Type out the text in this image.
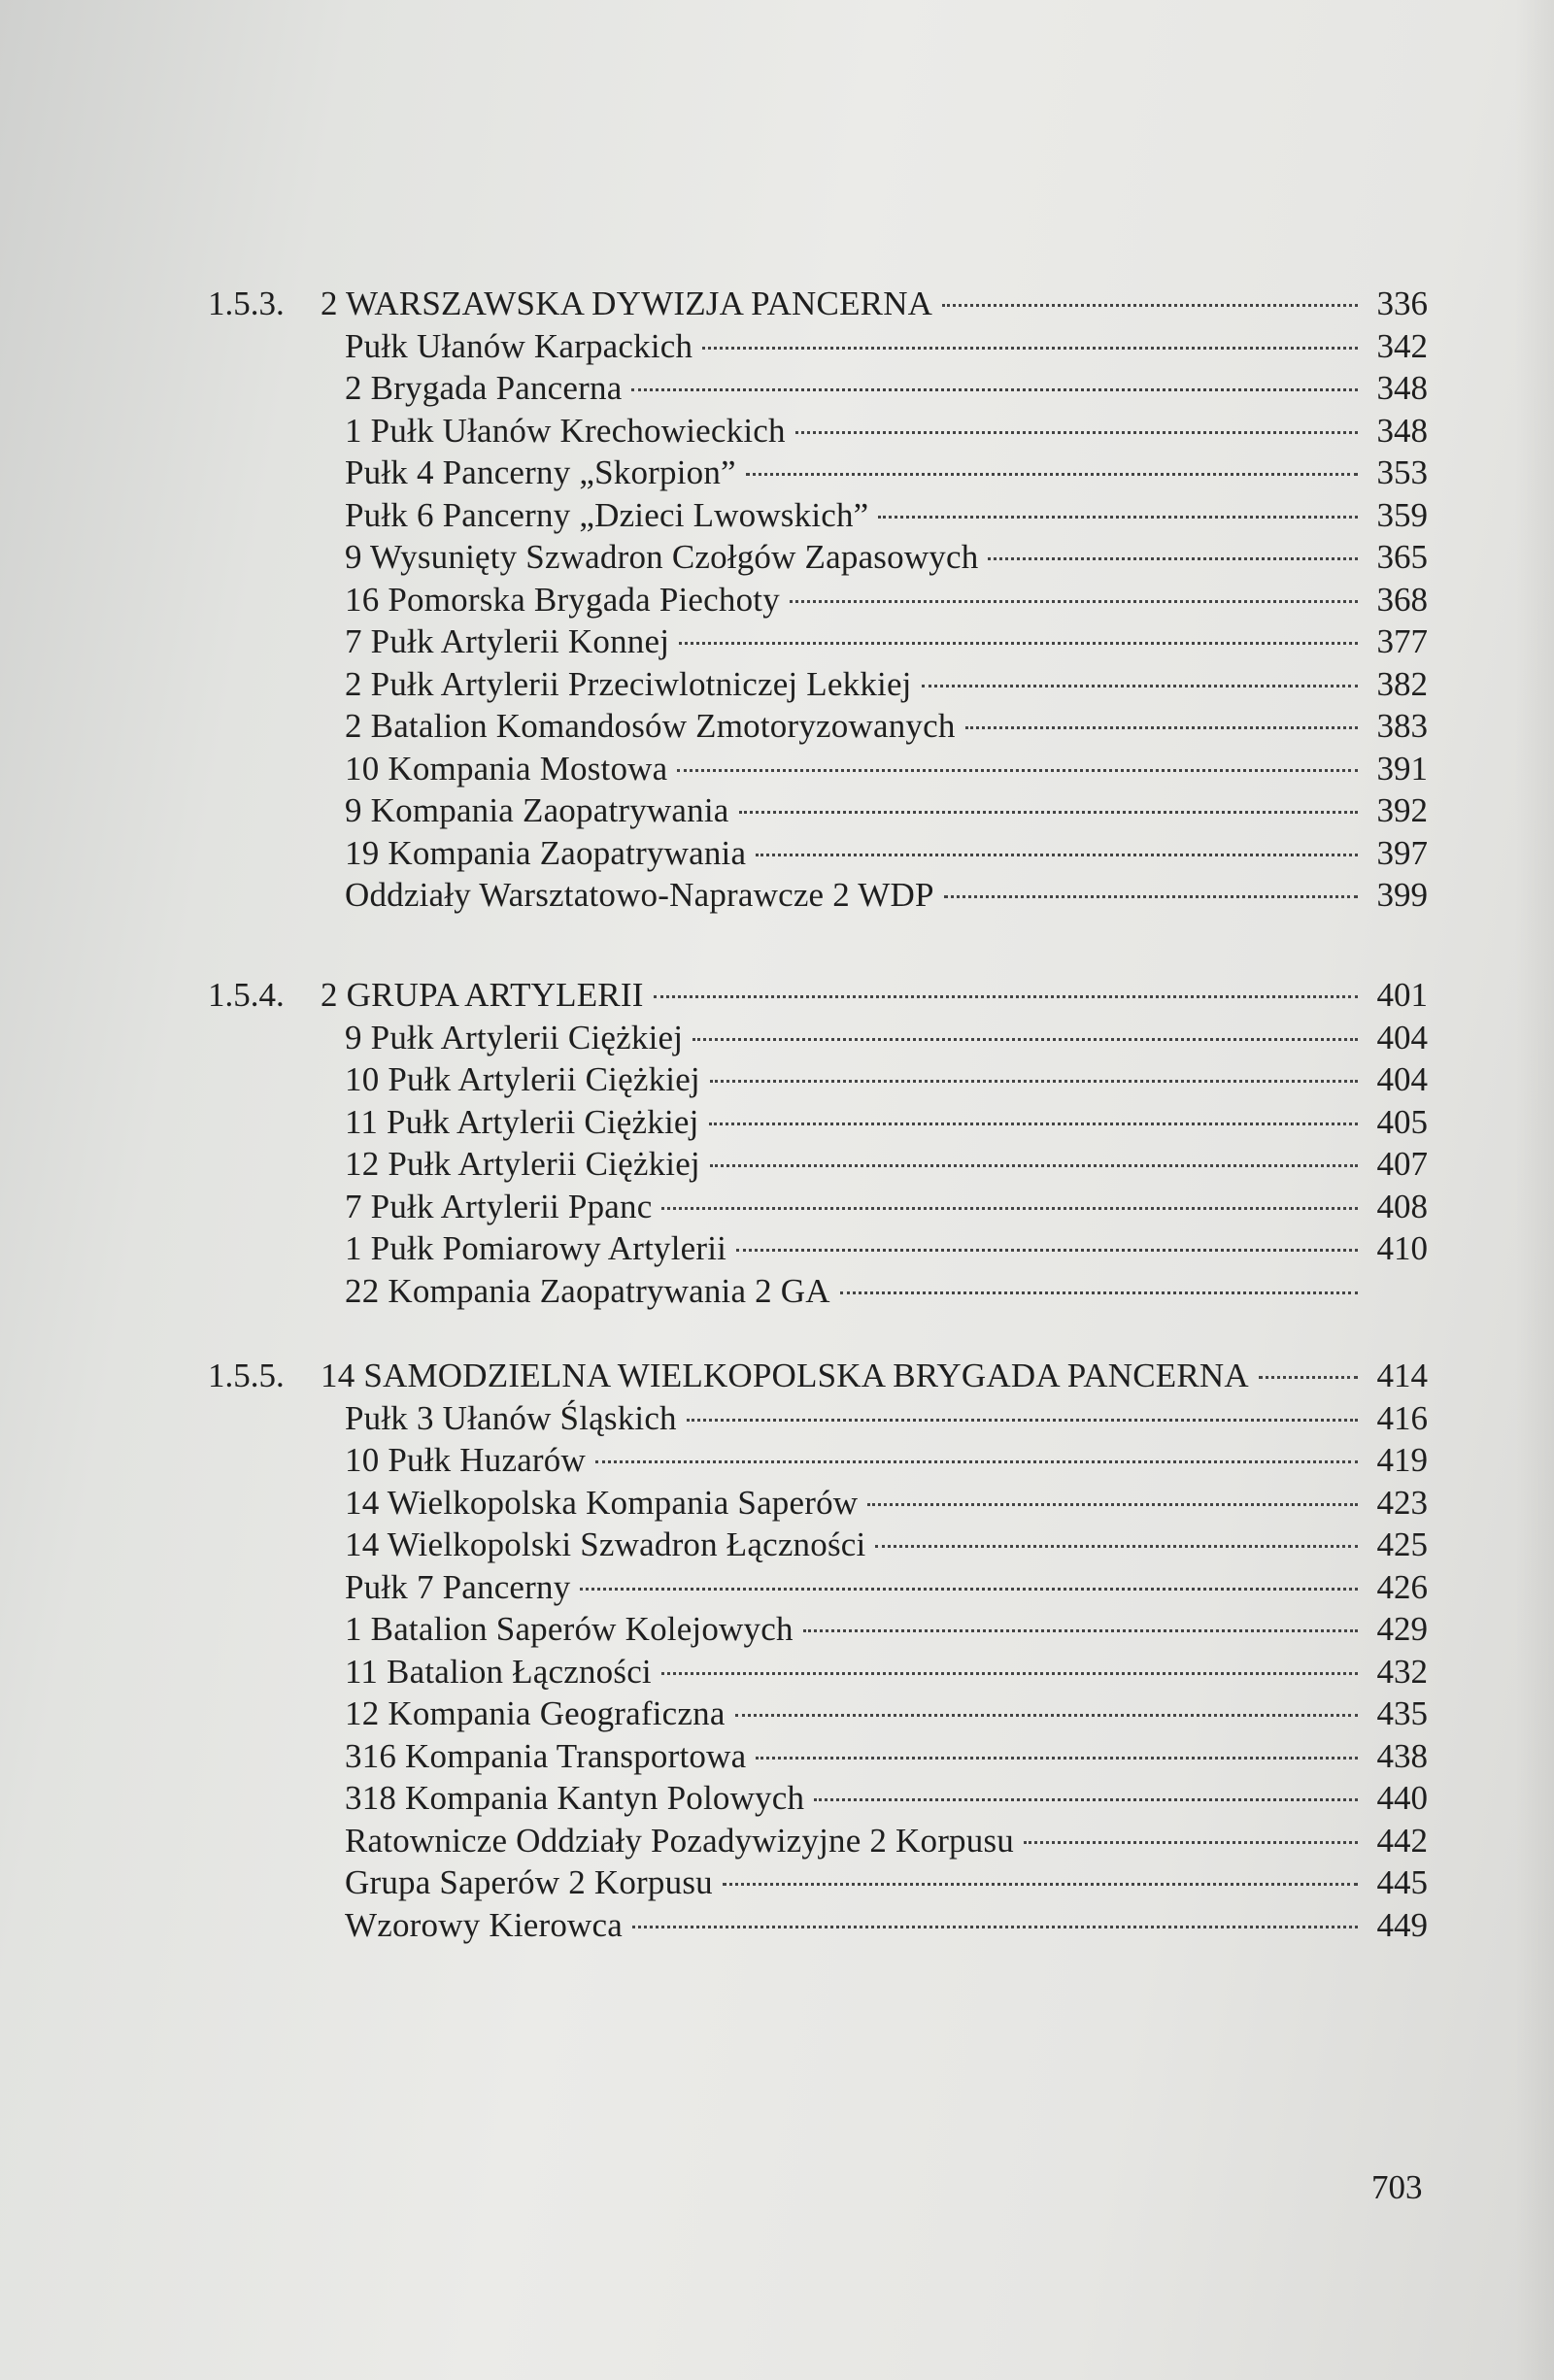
1.5.3.	2 WARSZAWSKA DYWIZJA PANCERNA	336
Pułk Ułanów Karpackich	342
2 Brygada Pancerna	348
1 Pułk Ułanów Krechowieckich	348
Pułk 4 Pancerny „Skorpion”	353
Pułk 6 Pancerny „Dzieci Lwowskich”	359
9 Wysunięty Szwadron Czołgów Zapasowych	365
16 Pomorska Brygada Piechoty	368
7 Pułk Artylerii Konnej	377
2 Pułk Artylerii Przeciwlotniczej Lekkiej	382
2 Batalion Komandosów Zmotoryzowanych	383
10 Kompania Mostowa	391
9 Kompania Zaopatrywania	392
19 Kompania Zaopatrywania	397
Oddziały Warsztatowo-Naprawcze 2 WDP	399
1.5.4.	2 GRUPA ARTYLERII	401
9 Pułk Artylerii Ciężkiej	404
10 Pułk Artylerii Ciężkiej	404
11 Pułk Artylerii Ciężkiej	405
12 Pułk Artylerii Ciężkiej	407
7 Pułk Artylerii Ppanc	408
1 Pułk Pomiarowy Artylerii	410
22 Kompania Zaopatrywania 2 GA
1.5.5.	14 SAMODZIELNA WIELKOPOLSKA BRYGADA PANCERNA	414
Pułk 3 Ułanów Śląskich	416
10 Pułk Huzarów	419
14 Wielkopolska Kompania Saperów	423
14 Wielkopolski Szwadron Łączności	425
Pułk 7 Pancerny	426
1 Batalion Saperów Kolejowych	429
11 Batalion Łączności	432
12 Kompania Geograficzna	435
316 Kompania Transportowa	438
318 Kompania Kantyn Polowych	440
Ratownicze Oddziały Pozadywizyjne 2 Korpusu	442
Grupa Saperów 2 Korpusu	445
Wzorowy Kierowca	449
703
